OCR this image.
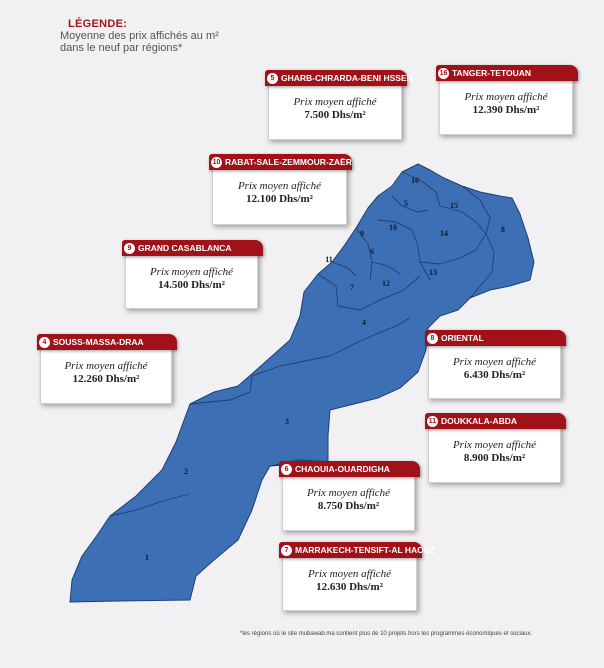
LÉGENDE:
Moyenne des prix affichés au m² dans le neuf par régions*
1
2
3
4
5
6
7
8
9
10
11
12
13
14
15
16
5 GHARB-CHRARDA-BENI HSSEN
Prix moyen affiché
7.500 Dhs/m²
16 TANGER-TETOUAN
Prix moyen affiché
12.390 Dhs/m²
10 RABAT-SALE-ZEMMOUR-ZAËR
Prix moyen affiché
12.100 Dhs/m²
9 GRAND CASABLANCA
Prix moyen affiché
14.500 Dhs/m²
4 SOUSS-MASSA-DRAA
Prix moyen affiché
12.260 Dhs/m²
8 ORIENTAL
Prix moyen affiché
6.430 Dhs/m²
11 DOUKKALA-ABDA
Prix moyen affiché
8.900 Dhs/m²
6 CHAOUIA-OUARDIGHA
Prix moyen affiché
8.750 Dhs/m²
7 MARRAKECH-TENSIFT-AL HAOUZ
Prix moyen affiché
12.630 Dhs/m²
*les régions où le site mubawab.ma contient plus de 10 projets hors les programmes économiques et sociaux.
